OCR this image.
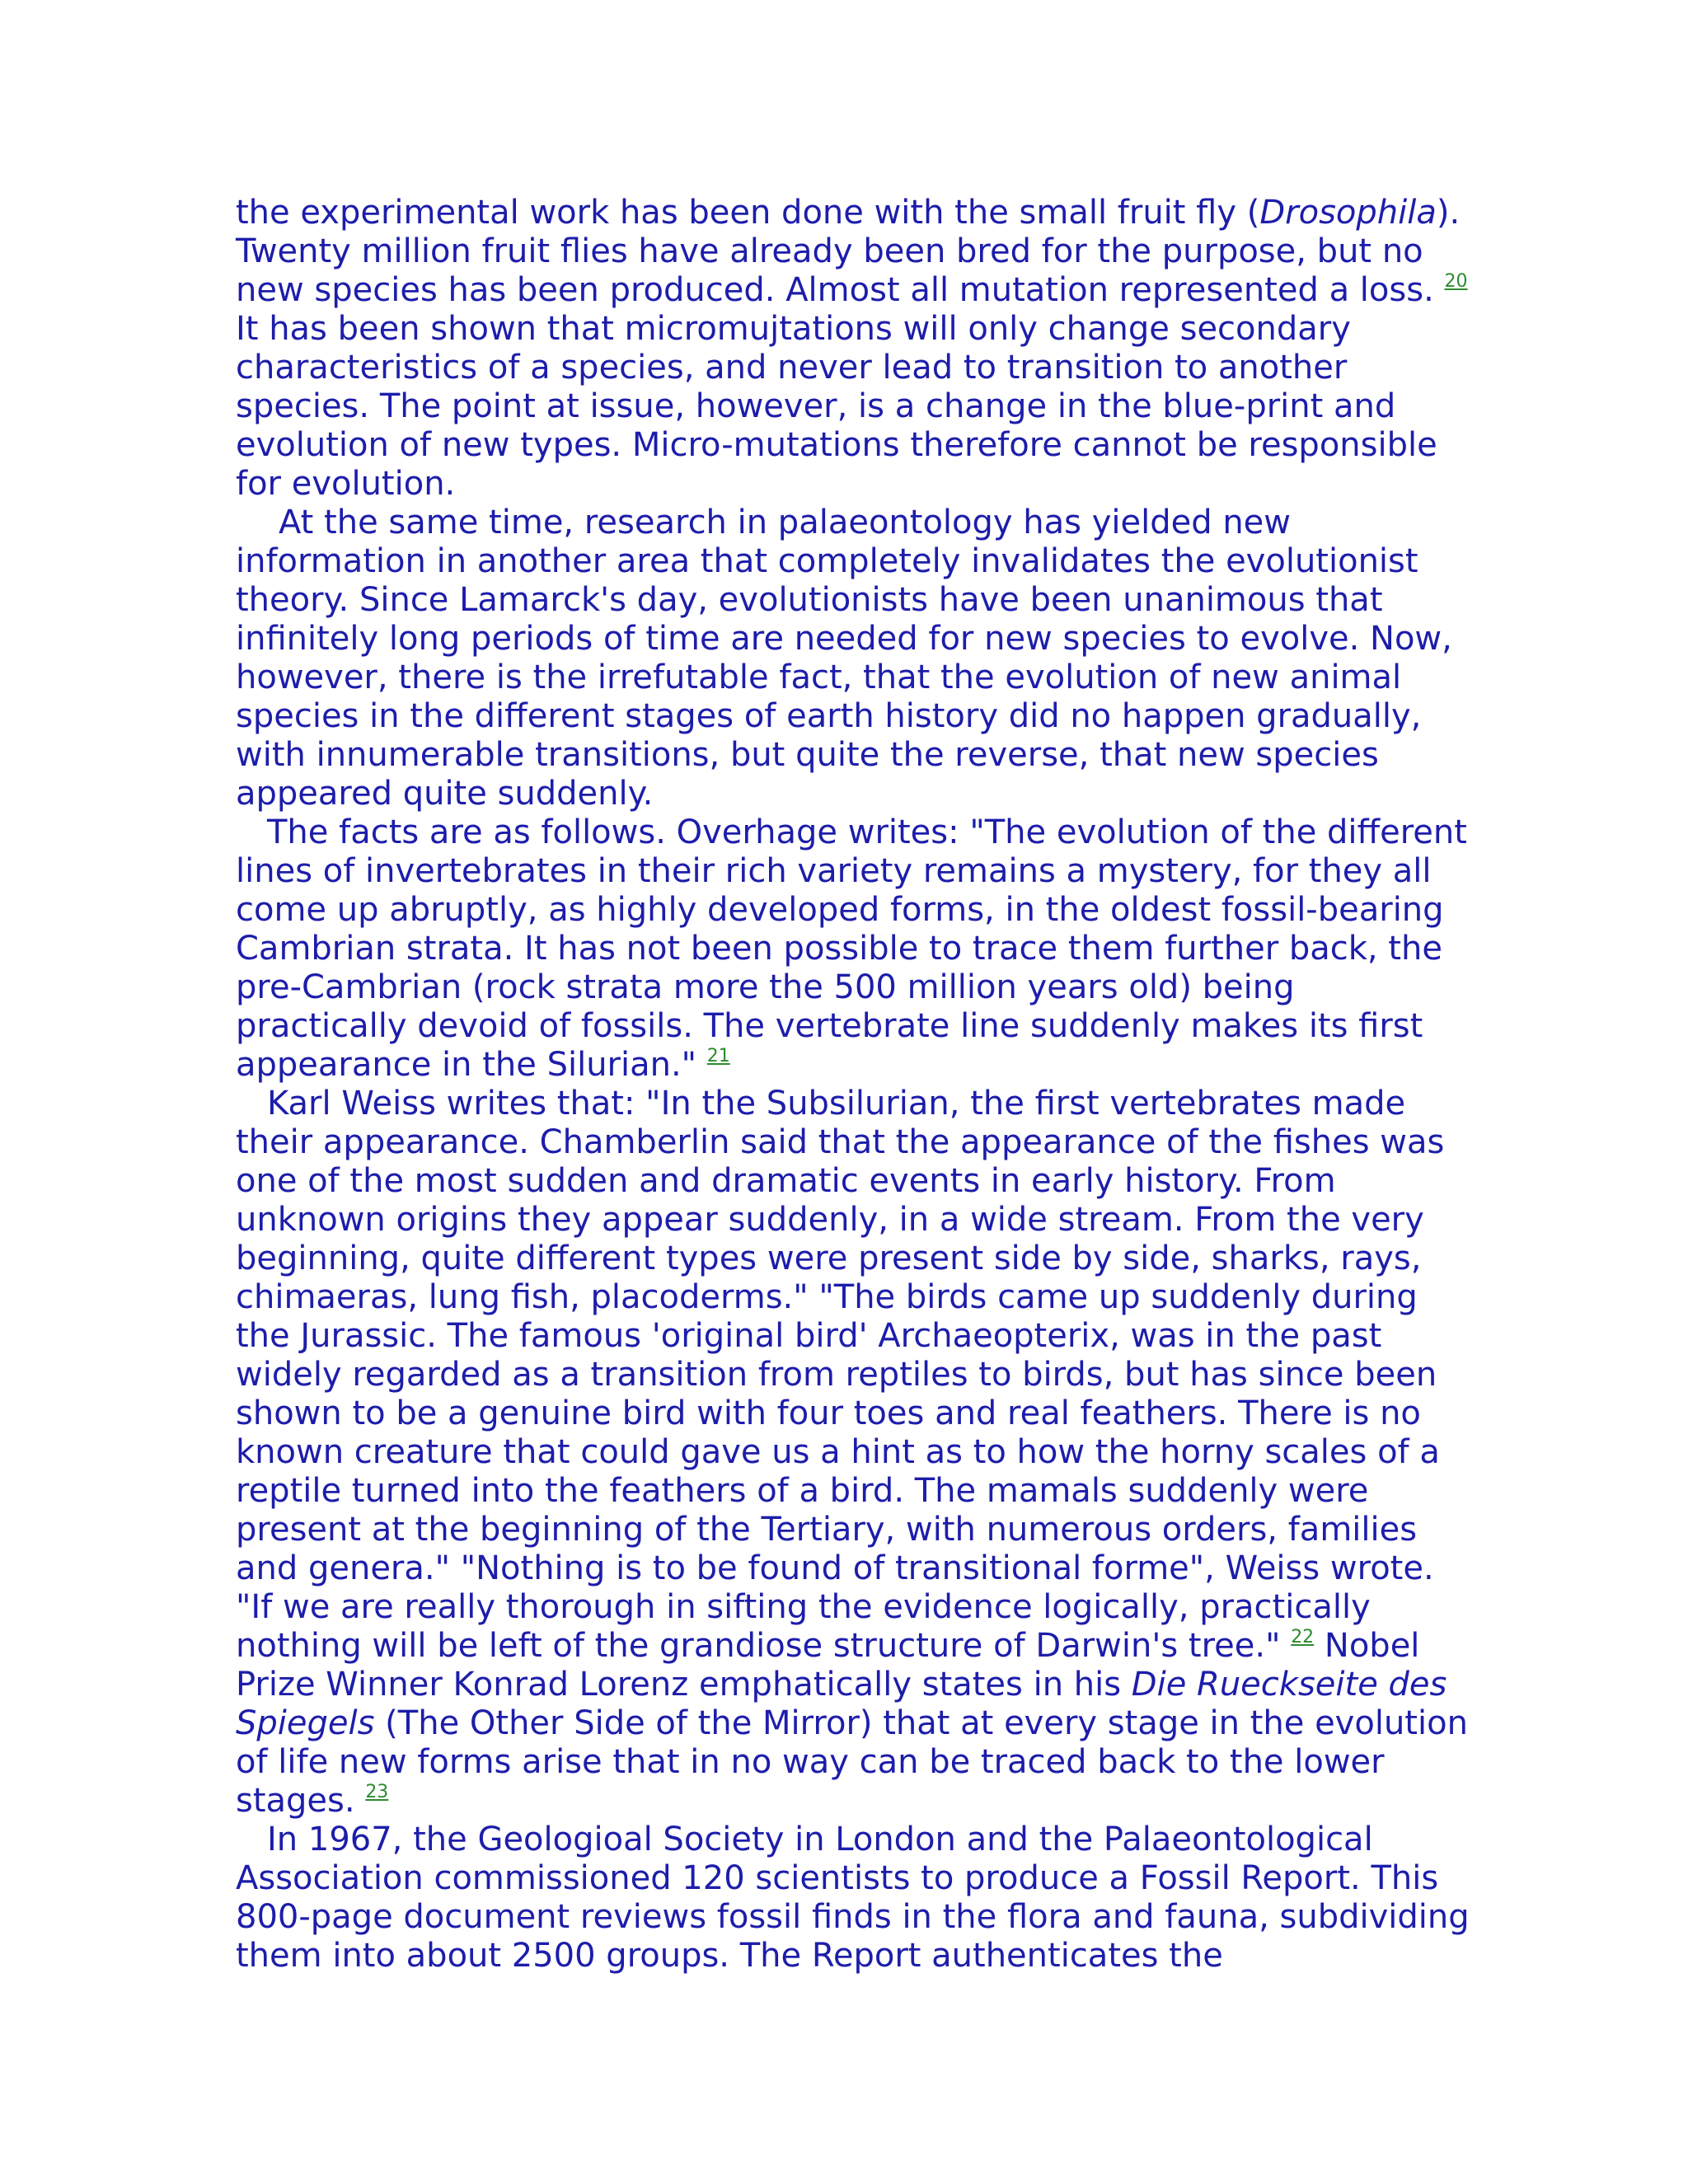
the experimental work has been done with the small fruit fly (Drosophila). Twenty million fruit flies have already been bred for the purpose, but no new species has been produced. Almost all mutation represented a loss. $^{20}$ It has been shown that micromujtations will only change secondary characteristics of a species, and never lead to transition to another species. The point at issue, however, is a change in the blue-print and evolution of new types. Micro-mutations therefore cannot be responsible for evolution.

At the same time, research in palaeontology has yielded new information in another area that completely invalidates the evolutionist theory. Since Lamarck's day, evolutionists have been unanimous that infinitely long periods of time are needed for new species to evolve. Now, however, there is the irrefutable fact, that the evolution of new animal species in the different stages of earth history did no happen gradually, with innumerable transitions, but quite the reverse, that new species appeared quite suddenly.

The facts are as follows. Overhage writes: "The evolution of the different lines of invertebrates in their rich variety remains a mystery, for they all come up abruptly, as highly developed forms, in the oldest fossil-bearing Cambrian strata. It has not been possible to trace them further back, the pre-Cambrian (rock strata more the 500 million years old) being practically devoid of fossils. The vertebrate line suddenly makes its first appearance in the Silurian." $^{21}$

Karl Weiss writes that: "In the Subsilurian, the first vertebrates made their appearance. Chamberlin said that the appearance of the fishes was one of the most sudden and dramatic events in early history. From unknown origins they appear suddenly, in a wide stream. From the very beginning, quite different types were present side by side, sharks, rays, chimaeras, lung fish, placoderms." "The birds came up suddenly during the Jurassic. The famous 'original bird' Archaeopterix, was in the past widely regarded as a transition from reptiles to birds, but has since been shown to be a genuine bird with four toes and real feathers. There is no known creature that could gave us a hint as to how the horny scales of a reptile turned into the feathers of a bird. The mamals suddenly were present at the beginning of the Tertiary, with numerous orders, families and genera." "Nothing is to be found of transitional forme", Weiss wrote. "If we are really thorough in sifting the evidence logically, practically nothing will be left of the grandiose structure of Darwin's tree." $^{22}$ Nobel Prize Winner Konrad Lorenz emphatically states in his Die Rueckseite des Spiegels (The Other Side of the Mirror) that at every stage in the evolution of life new forms arise that in no way can be traced back to the lower stages. $^{23}$

In 1967, the Geologioal Society in London and the Palaeontological Association commissioned 120 scientists to produce a Fossil Report. This 800-page document reviews fossil finds in the flora and fauna, subdividing them into about 2500 groups. The Report authenticates the
